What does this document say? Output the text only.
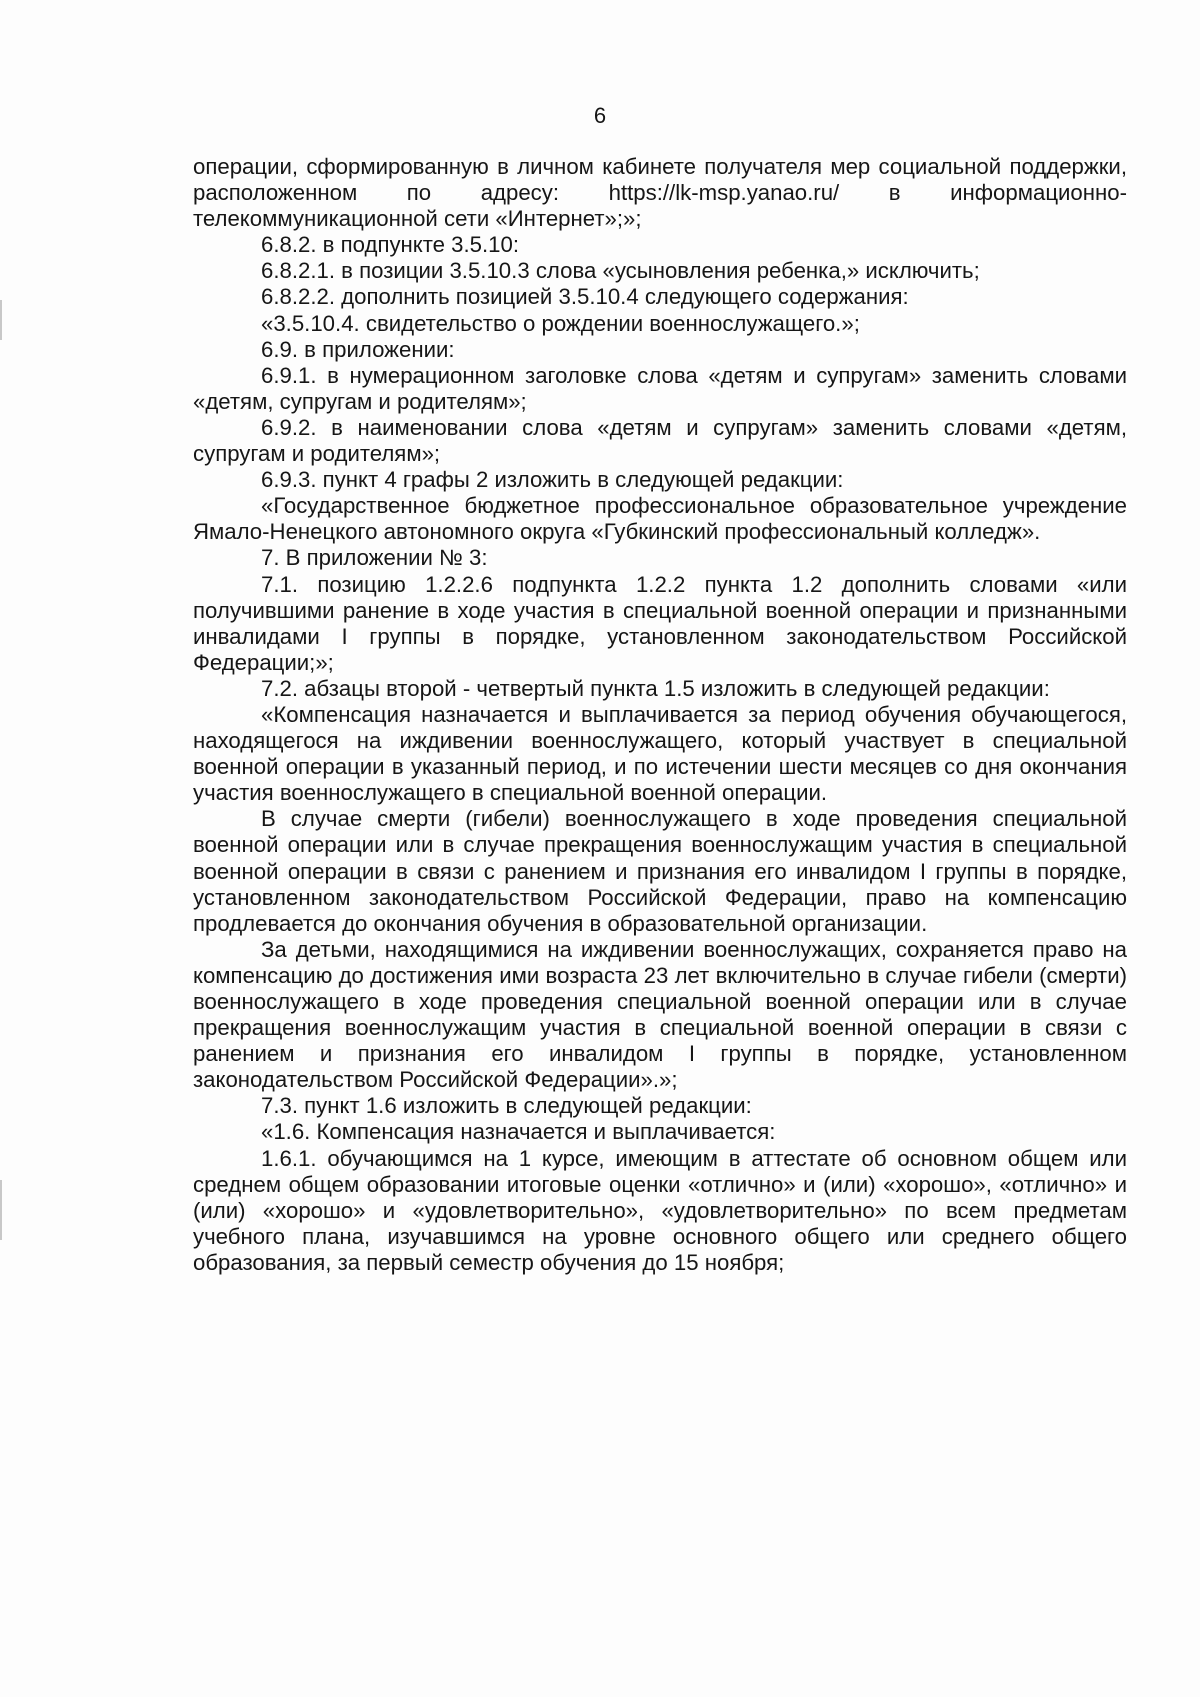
6

операции, сформированную в личном кабинете получателя мер социальной поддержки, расположенном по адресу: https://lk-msp.yanao.ru/ в информационно-телекоммуникационной сети «Интернет»;»;

6.8.2. в подпункте 3.5.10:

6.8.2.1. в позиции 3.5.10.3 слова «усыновления ребенка,» исключить;

6.8.2.2. дополнить позицией 3.5.10.4 следующего содержания:

«3.5.10.4. свидетельство о рождении военнослужащего.»;

6.9. в приложении:

6.9.1. в нумерационном заголовке слова «детям и супругам» заменить словами «детям, супругам и родителям»;

6.9.2. в наименовании слова «детям и супругам» заменить словами «детям, супругам и родителям»;

6.9.3. пункт 4 графы 2 изложить в следующей редакции:

«Государственное бюджетное профессиональное образовательное учреждение Ямало-Ненецкого автономного округа «Губкинский профессиональный колледж».

7. В приложении № 3:

7.1. позицию 1.2.2.6 подпункта 1.2.2 пункта 1.2 дополнить словами «или получившими ранение в ходе участия в специальной военной операции и признанными инвалидами I группы в порядке, установленном законодательством Российской Федерации;»;

7.2. абзацы второй - четвертый пункта 1.5 изложить в следующей редакции:

«Компенсация назначается и выплачивается за период обучения обучающегося, находящегося на иждивении военнослужащего, который участвует в специальной военной операции в указанный период, и по истечении шести месяцев со дня окончания участия военнослужащего в специальной военной операции.

В случае смерти (гибели) военнослужащего в ходе проведения специальной военной операции или в случае прекращения военнослужащим участия в специальной военной операции в связи с ранением и признания его инвалидом I группы в порядке, установленном законодательством Российской Федерации, право на компенсацию продлевается до окончания обучения в образовательной организации.

За детьми, находящимися на иждивении военнослужащих, сохраняется право на компенсацию до достижения ими возраста 23 лет включительно в случае гибели (смерти) военнослужащего в ходе проведения специальной военной операции или в случае прекращения военнослужащим участия в специальной военной операции в связи с ранением и признания его инвалидом I группы в порядке, установленном законодательством Российской Федерации».»;

7.3. пункт 1.6 изложить в следующей редакции:

«1.6. Компенсация назначается и выплачивается:

1.6.1. обучающимся на 1 курсе, имеющим в аттестате об основном общем или среднем общем образовании итоговые оценки «отлично» и (или) «хорошо», «отлично» и (или) «хорошо» и «удовлетворительно», «удовлетворительно» по всем предметам учебного плана, изучавшимся на уровне основного общего или среднего общего образования, за первый семестр обучения до 15 ноября;
